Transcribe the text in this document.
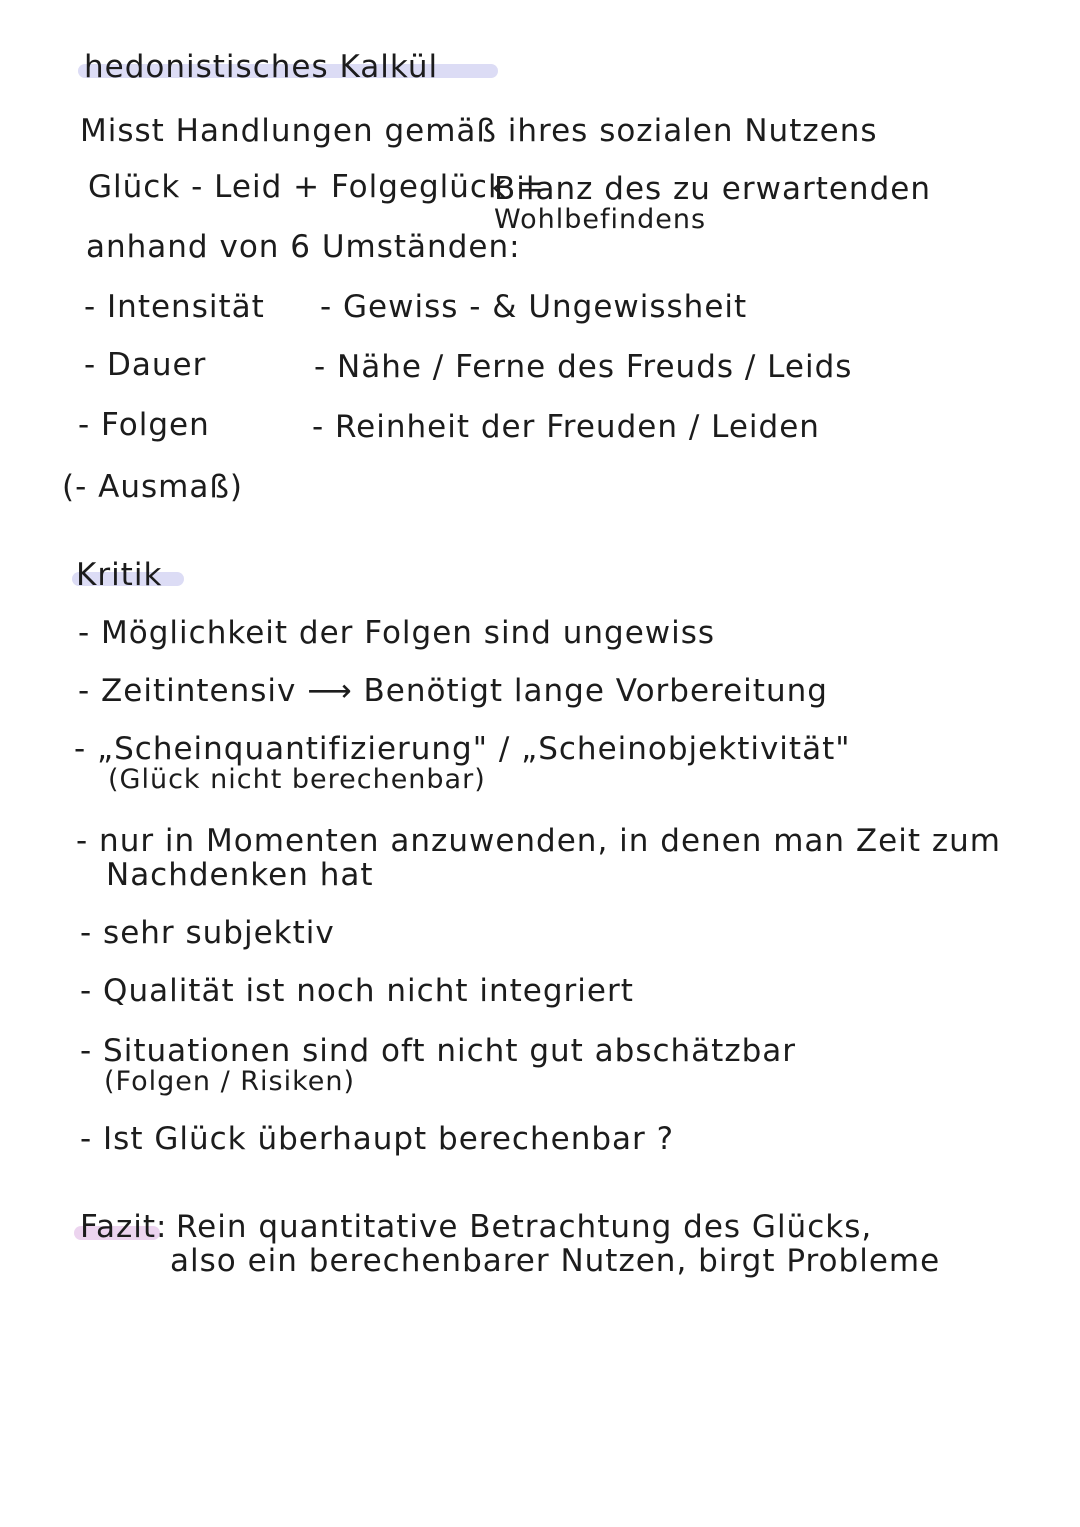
hedonistisches Kalkül
Misst Handlungen gemäß ihres sozialen Nutzens
Glück - Leid + Folgeglück =
Bilanz des zu erwartenden
Wohlbefindens
anhand von 6 Umständen:
- Intensität
- Dauer
- Folgen
(- Ausmaß)
- Gewiss - & Ungewissheit
- Nähe / Ferne des Freuds / Leids
- Reinheit der Freuden / Leiden
Kritik
- Möglichkeit der Folgen sind ungewiss
- Zeitintensiv ⟶ Benötigt lange Vorbereitung
- „Scheinquantifizierung" / „Scheinobjektivität"
(Glück nicht berechenbar)
- nur in Momenten anzuwenden, in denen man Zeit zum
Nachdenken hat
- sehr subjektiv
- Qualität ist noch nicht integriert
- Situationen sind oft nicht gut abschätzbar
(Folgen / Risiken)
- Ist Glück überhaupt berechenbar ?
Fazit: Rein quantitative Betrachtung des Glücks,
also ein berechenbarer Nutzen, birgt Probleme
